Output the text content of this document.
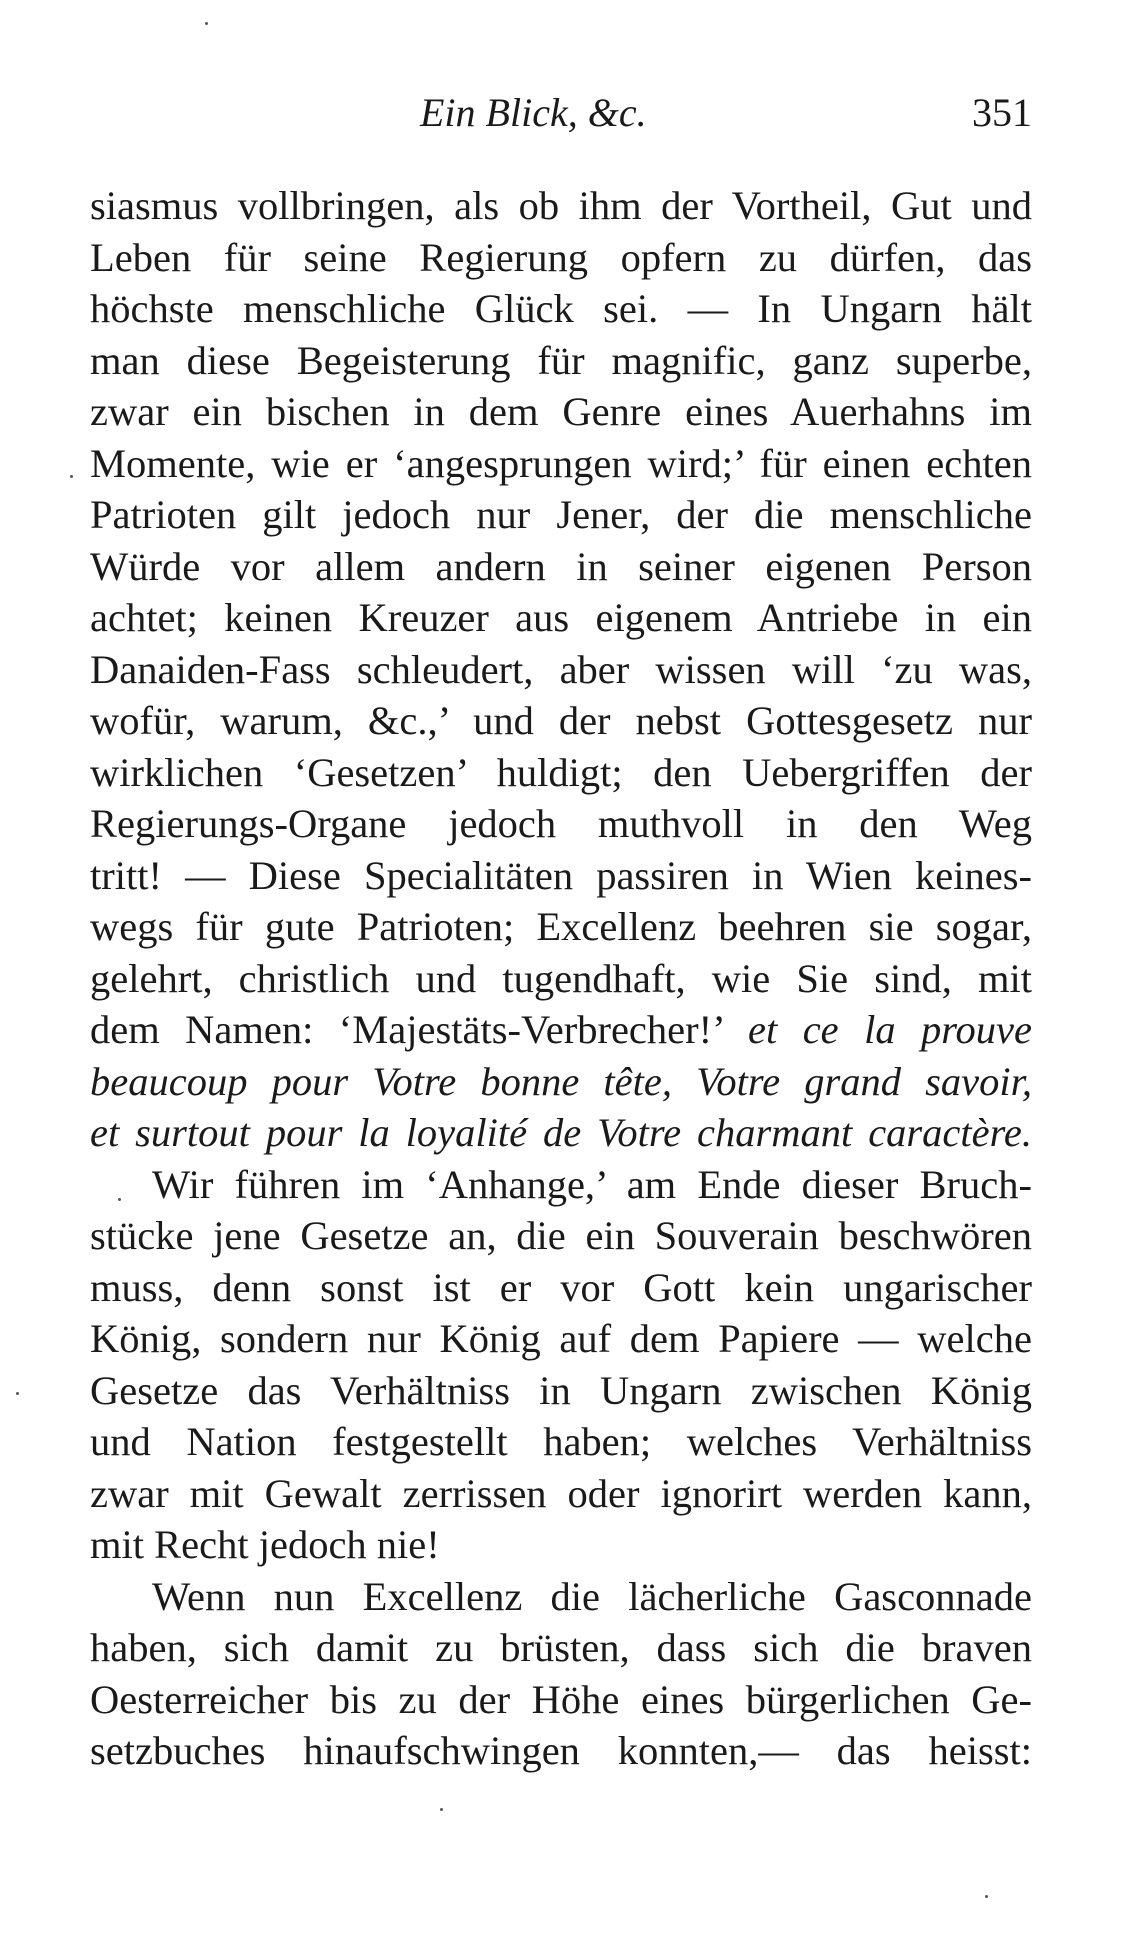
Ein Blick, &c.	351
siasmus vollbringen, als ob ihm der Vortheil, Gut und
Leben für seine Regierung opfern zu dürfen, das
höchste menschliche Glück sei. — In Ungarn hält
man diese Begeisterung für magnific, ganz superbe,
zwar ein bischen in dem Genre eines Auerhahns im
Momente, wie er ‘angesprungen wird;’ für einen echten
Patrioten gilt jedoch nur Jener, der die menschliche
Würde vor allem andern in seiner eigenen Person
achtet; keinen Kreuzer aus eigenem Antriebe in ein
Danaiden-Fass schleudert, aber wissen will ‘zu was,
wofür, warum, &c.,’ und der nebst Gottesgesetz nur
wirklichen ‘Gesetzen’ huldigt; den Uebergriffen der
Regierungs-Organe jedoch muthvoll in den Weg
tritt! — Diese Specialitäten passiren in Wien keines-
wegs für gute Patrioten; Excellenz beehren sie sogar,
gelehrt, christlich und tugendhaft, wie Sie sind, mit
dem Namen: ‘Majestäts-Verbrecher!’ et ce la prouve
beaucoup pour Votre bonne tête, Votre grand savoir,
et surtout pour la loyalité de Votre charmant caractère.
Wir führen im ‘Anhange,’ am Ende dieser Bruch-
stücke jene Gesetze an, die ein Souverain beschwören
muss, denn sonst ist er vor Gott kein ungarischer
König, sondern nur König auf dem Papiere — welche
Gesetze das Verhältniss in Ungarn zwischen König
und Nation festgestellt haben; welches Verhältniss
zwar mit Gewalt zerrissen oder ignorirt werden kann,
mit Recht jedoch nie!
Wenn nun Excellenz die lächerliche Gasconnade
haben, sich damit zu brüsten, dass sich die braven
Oesterreicher bis zu der Höhe eines bürgerlichen Ge-
setzbuches hinaufschwingen konnten,— das heisst:
